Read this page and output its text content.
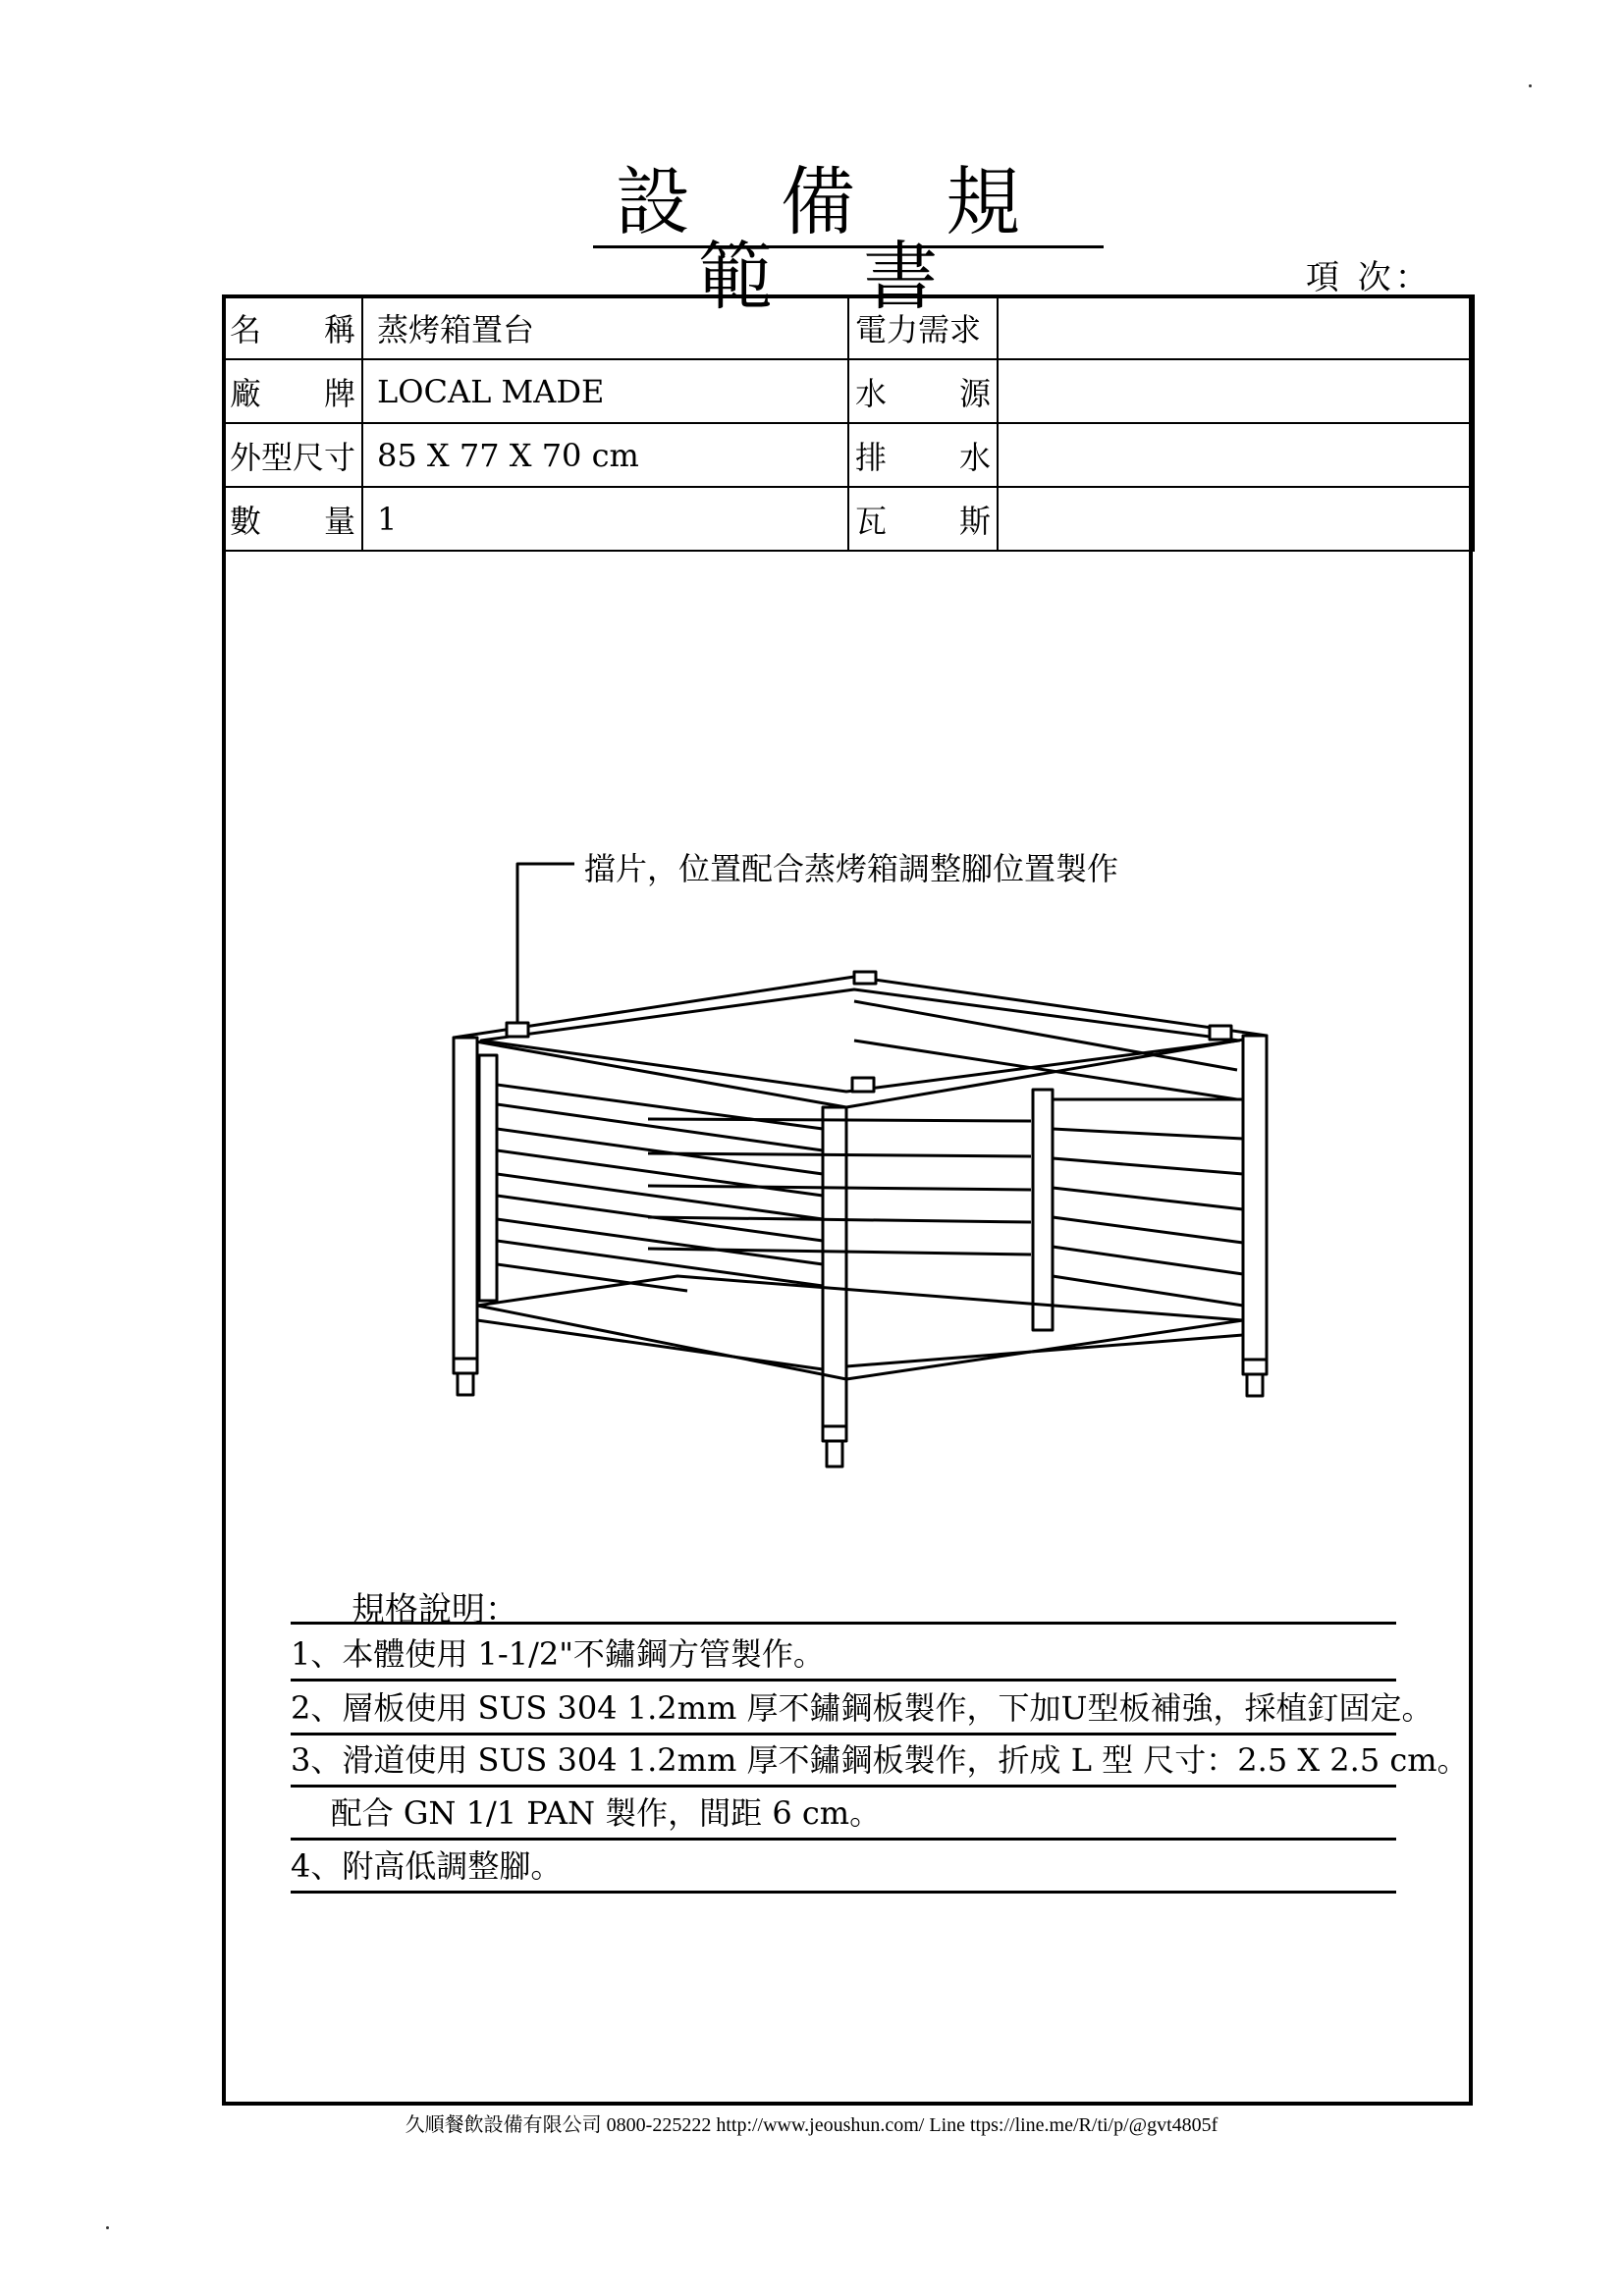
設 備 規 範 書	項 次：
名 稱	蒸烤箱置台	電力需求	

廠 牌	LOCAL MADE	水 源	

外型尺寸	85 X 77 X 70 cm	排 水	

數 量	1	瓦 斯	

擋片，位置配合蒸烤箱調整腳位置製作
規格說明：
1、本體使用 1-1/2"不鏽鋼方管製作。
2、層板使用 SUS 304 1.2mm 厚不鏽鋼板製作，下加U型板補強，採植釘固定。
3、滑道使用 SUS 304 1.2mm 厚不鏽鋼板製作，折成 L 型 尺寸：2.5 X 2.5 cm。
配合 GN 1/1 PAN 製作，間距 6 cm。
4、附高低調整腳。
久順餐飲設備有限公司 0800-225222 http://www.jeoushun.com/ Line ttps://line.me/R/ti/p/@gvt4805f
